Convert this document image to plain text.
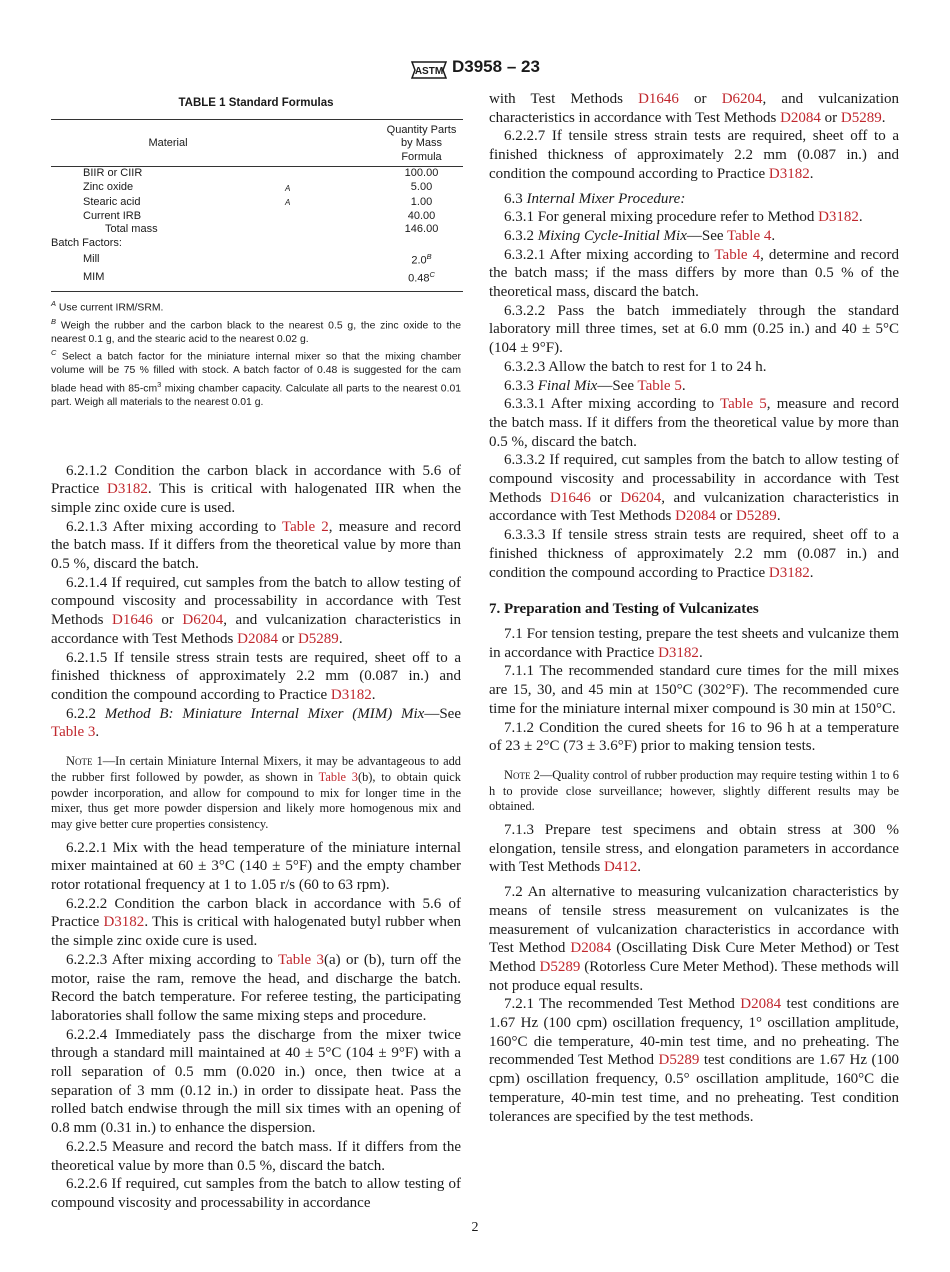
ASTM D3958 – 23
TABLE 1 Standard Formulas
Material		Quantity Parts by Mass Formula
BIIR or CIIR		100.00
Zinc oxide	A	5.00
Stearic acid	A	1.00
Current IRB		40.00
Total mass		146.00
Batch Factors:		
Mill		$2.0^B$
MIM		$0.48^C$
$^A$ Use current IRM/SRM.
$^B$ Weigh the rubber and the carbon black to the nearest 0.5 g, the zinc oxide to the nearest 0.1 g, and the stearic acid to the nearest 0.02 g.
$^C$ Select a batch factor for the miniature internal mixer so that the mixing chamber volume will be 75 % filled with stock. A batch factor of 0.48 is suggested for the cam blade head with $85-cm^3$ mixing chamber capacity. Calculate all parts to the nearest 0.01 part. Weigh all materials to the nearest 0.01 g.

6.2.1.2 Condition the carbon black in accordance with 5.6 of Practice D3182. This is critical with halogenated IIR when the simple zinc oxide cure is used.

6.2.1.3 After mixing according to Table 2, measure and record the batch mass. If it differs from the theoretical value by more than 0.5 %, discard the batch.

6.2.1.4 If required, cut samples from the batch to allow testing of compound viscosity and processability in accordance with Test Methods D1646 or D6204, and vulcanization characteristics in accordance with Test Methods D2084 or D5289.

6.2.1.5 If tensile stress strain tests are required, sheet off to a finished thickness of approximately 2.2 mm (0.087 in.) and condition the compound according to Practice D3182.

6.2.2 Method B: Miniature Internal Mixer (MIM) Mix—See Table 3.

Note 1—In certain Miniature Internal Mixers, it may be advantageous to add the rubber first followed by powder, as shown in Table 3(b), to obtain quick powder incorporation, and allow for compound to mix for longer time in the mixer, thus get more powder dispersion and likely more homogenous mix and may give better cure properties consistency.

6.2.2.1 Mix with the head temperature of the miniature internal mixer maintained at 60 ± 3°C (140 ± 5°F) and the empty chamber rotor rotational frequency at 1 to 1.05 r/s (60 to 63 rpm).

6.2.2.2 Condition the carbon black in accordance with 5.6 of Practice D3182. This is critical with halogenated butyl rubber when the simple zinc oxide cure is used.

6.2.2.3 After mixing according to Table 3(a) or (b), turn off the motor, raise the ram, remove the head, and discharge the batch. Record the batch temperature. For referee testing, the participating laboratories shall follow the same mixing steps and procedure.

6.2.2.4 Immediately pass the discharge from the mixer twice through a standard mill maintained at 40 ± 5°C (104 ± 9°F) with a roll separation of 0.5 mm (0.020 in.) once, then twice at a separation of 3 mm (0.12 in.) in order to dissipate heat. Pass the rolled batch endwise through the mill six times with an opening of 0.8 mm (0.31 in.) to enhance the dispersion.

6.2.2.5 Measure and record the batch mass. If it differs from the theoretical value by more than 0.5 %, discard the batch.

6.2.2.6 If required, cut samples from the batch to allow testing of compound viscosity and processability in accordance

with Test Methods D1646 or D6204, and vulcanization characteristics in accordance with Test Methods D2084 or D5289.

6.2.2.7 If tensile stress strain tests are required, sheet off to a finished thickness of approximately 2.2 mm (0.087 in.) and condition the compound according to Practice D3182.

6.3 Internal Mixer Procedure:

6.3.1 For general mixing procedure refer to Method D3182.

6.3.2 Mixing Cycle-Initial Mix—See Table 4.

6.3.2.1 After mixing according to Table 4, determine and record the batch mass; if the mass differs by more than 0.5 % of the theoretical mass, discard the batch.

6.3.2.2 Pass the batch immediately through the standard laboratory mill three times, set at 6.0 mm (0.25 in.) and 40 ± 5°C (104 ± 9°F).

6.3.2.3 Allow the batch to rest for 1 to 24 h.

6.3.3 Final Mix—See Table 5.

6.3.3.1 After mixing according to Table 5, measure and record the batch mass. If it differs from the theoretical value by more than 0.5 %, discard the batch.

6.3.3.2 If required, cut samples from the batch to allow testing of compound viscosity and processability in accordance with Test Methods D1646 or D6204, and vulcanization characteristics in accordance with Test Methods D2084 or D5289.

6.3.3.3 If tensile stress strain tests are required, sheet off to a finished thickness of approximately 2.2 mm (0.087 in.) and condition the compound according to Practice D3182.

7. Preparation and Testing of Vulcanizates

7.1 For tension testing, prepare the test sheets and vulcanize them in accordance with Practice D3182.

7.1.1 The recommended standard cure times for the mill mixes are 15, 30, and 45 min at 150°C (302°F). The recommended cure time for the miniature internal mixer compound is 30 min at 150°C.

7.1.2 Condition the cured sheets for 16 to 96 h at a temperature of 23 ± 2°C (73 ± 3.6°F) prior to making tension tests.

Note 2—Quality control of rubber production may require testing within 1 to 6 h to provide close surveillance; however, slightly different results may be obtained.

7.1.3 Prepare test specimens and obtain stress at 300 % elongation, tensile stress, and elongation parameters in accordance with Test Methods D412.

7.2 An alternative to measuring vulcanization characteristics by means of tensile stress measurement on vulcanizates is the measurement of vulcanization characteristics in accordance with Test Method D2084 (Oscillating Disk Cure Meter Method) or Test Method D5289 (Rotorless Cure Meter Method). These methods will not produce equal results.

7.2.1 The recommended Test Method D2084 test conditions are 1.67 Hz (100 cpm) oscillation frequency, 1° oscillation amplitude, 160°C die temperature, 40-min test time, and no preheating. The recommended Test Method D5289 test conditions are 1.67 Hz (100 cpm) oscillation frequency, 0.5° oscillation amplitude, 160°C die temperature, 40-min test time, and no preheating. Test condition tolerances are specified by the test methods.

2
